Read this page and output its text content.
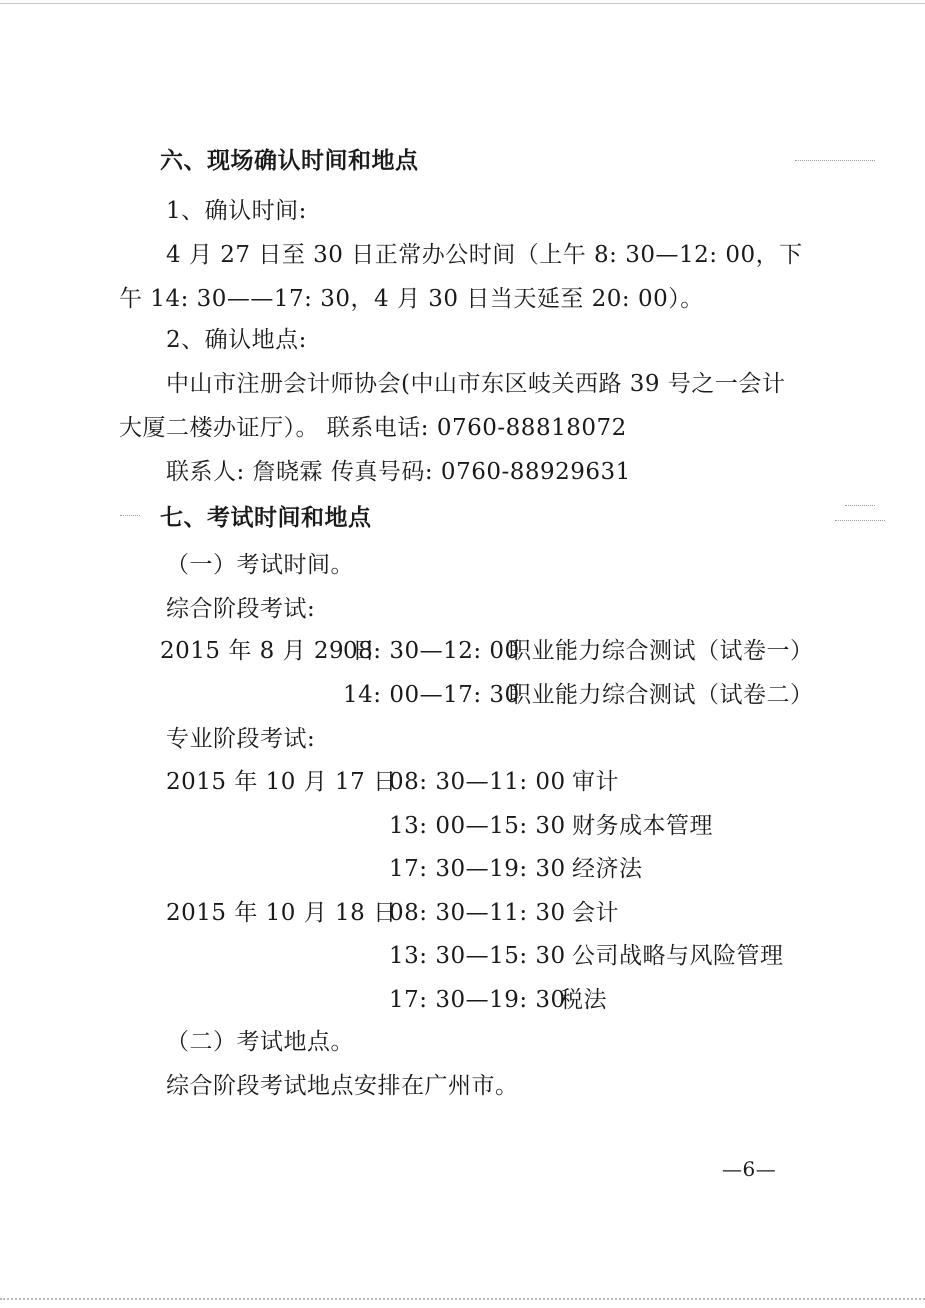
六、现场确认时间和地点
1、确认时间:
4 月 27 日至 30 日正常办公时间（上午 8: 30—12: 00，下
午 14: 30——17: 30，4 月 30 日当天延至 20: 00）。
2、确认地点:
中山市注册会计师协会(中山市东区岐关西路 39 号之一会计
大厦二楼办证厅）。 联系电话: 0760-88818072
联系人: 詹晓霖 传真号码: 0760-88929631
七、考试时间和地点
（一）考试时间。
综合阶段考试:
2015 年 8 月 29 日
08: 30—12: 00
职业能力综合测试（试卷一）
14: 00—17: 30
职业能力综合测试（试卷二）
专业阶段考试:
2015 年 10 月 17 日
08: 30—11: 00 审计
13: 00—15: 30 财务成本管理
17: 30—19: 30 经济法
2015 年 10 月 18 日
08: 30—11: 30 会计
13: 30—15: 30 公司战略与风险管理
17: 30—19: 30
税法
（二）考试地点。
综合阶段考试地点安排在广州市。
—6—
